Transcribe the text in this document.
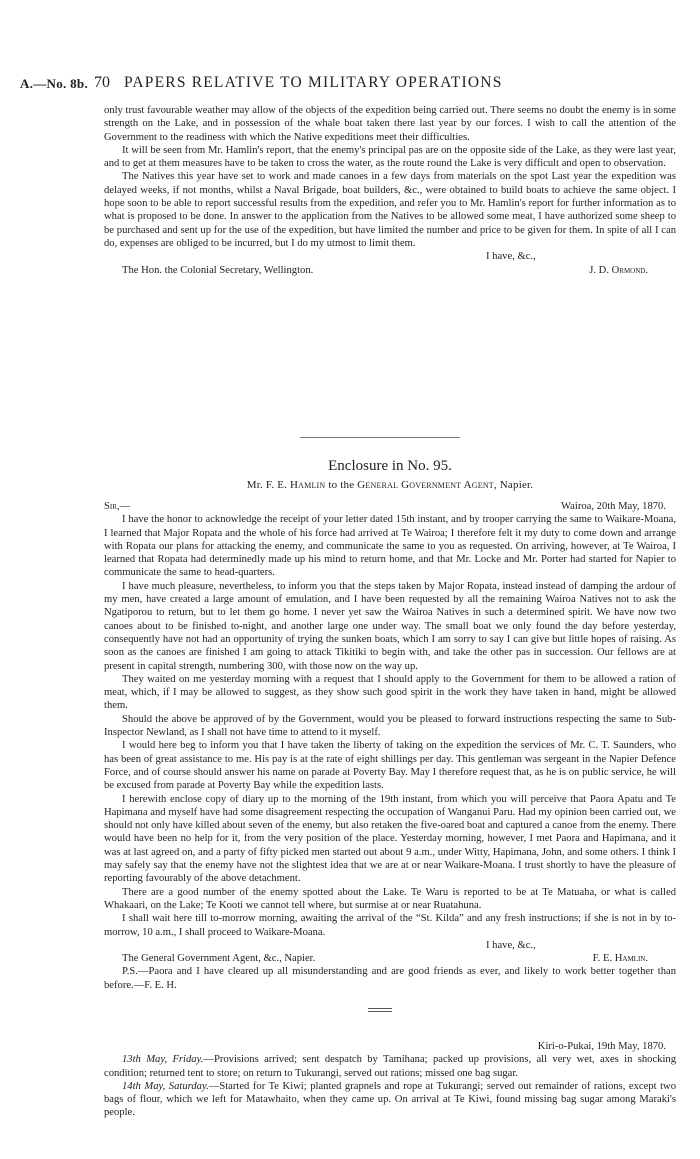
A.—No. 8b. 70 PAPERS RELATIVE TO MILITARY OPERATIONS

only trust favourable weather may allow of the objects of the expedition being carried out. There seems no doubt the enemy is in some strength on the Lake, and in possession of the whale boat taken there last year by our forces. I wish to call the attention of the Government to the readiness with which the Native expeditions meet their difficulties.

It will be seen from Mr. Hamlin's report, that the enemy's principal pas are on the opposite side of the Lake, as they were last year, and to get at them measures have to be taken to cross the water, as the route round the Lake is very difficult and open to observation.

The Natives this year have set to work and made canoes in a few days from materials on the spot Last year the expedition was delayed weeks, if not months, whilst a Naval Brigade, boat builders, &c., were obtained to build boats to achieve the same object. I hope soon to be able to report successful results from the expedition, and refer you to Mr. Hamlin's report for further information as to what is proposed to be done. In answer to the application from the Natives to be allowed some meat, I have authorized some sheep to be purchased and sent up for the use of the expedition, but have limited the number and price to be given for them. In spite of all I can do, expenses are obliged to be incurred, but I do my utmost to limit them.

I have, &c.,
The Hon. the Colonial Secretary, Wellington.	J. D. Ormond.
Enclosure in No. 95.
Mr. F. E. Hamlin to the General Government Agent, Napier.
Sir,—	Wairoa, 20th May, 1870.

I have the honor to acknowledge the receipt of your letter dated 15th instant, and by trooper carrying the same to Waikare-Moana, I learned that Major Ropata and the whole of his force had arrived at Te Wairoa; I therefore felt it my duty to come down and arrange with Ropata our plans for attacking the enemy, and communicate the same to you as requested. On arriving, however, at Te Wairoa, I learned that Ropata had determinedly made up his mind to return home, and that Mr. Locke and Mr. Porter had started for Napier to communicate the same to head-quarters.

I have much pleasure, nevertheless, to inform you that the steps taken by Major Ropata, instead instead of damping the ardour of my men, have created a large amount of emulation, and I have been requested by all the remaining Wairoa Natives not to ask the Ngatiporou to return, but to let them go home. I never yet saw the Wairoa Natives in such a determined spirit. We have now two canoes about to be finished to-night, and another large one under way. The small boat we only found the day before yesterday, consequently have not had an opportunity of trying the sunken boats, which I am sorry to say I can give but little hopes of raising. As soon as the canoes are finished I am going to attack Tikitiki to begin with, and take the other pas in succession. Our fellows are at present in capital strength, numbering 300, with those now on the way up.

They waited on me yesterday morning with a request that I should apply to the Government for them to be allowed a ration of meat, which, if I may be allowed to suggest, as they show such good spirit in the work they have taken in hand, might be allowed them.

Should the above be approved of by the Government, would you be pleased to forward instructions respecting the same to Sub-Inspector Newland, as I shall not have time to attend to it myself.

I would here beg to inform you that I have taken the liberty of taking on the expedition the services of Mr. C. T. Saunders, who has been of great assistance to me. His pay is at the rate of eight shillings per day. This gentleman was sergeant in the Napier Defence Force, and of course should answer his name on parade at Poverty Bay. May I therefore request that, as he is on public service, he will be excused from parade at Poverty Bay while the expedition lasts.

I herewith enclose copy of diary up to the morning of the 19th instant, from which you will perceive that Paora Apatu and Te Hapimana and myself have had some disagreement respecting the occupation of Wanganui Paru. Had my opinion been carried out, we should not only have killed about seven of the enemy, but also retaken the five-oared boat and captured a canoe from the enemy. There would have been no help for it, from the very position of the place. Yesterday morning, however, I met Paora and Hapimana, and it was at last agreed on, and a party of fifty picked men started out about 9 a.m., under Witty, Hapimana, John, and some others. I think I may safely say that the enemy have not the slightest idea that we are at or near Waikare-Moana. I trust shortly to have the pleasure of reporting favourably of the above detachment.

There are a good number of the enemy spotted about the Lake. Te Waru is reported to be at Te Matuaha, or what is called Whakaari, on the Lake; Te Kooti we cannot tell where, but surmise at or near Ruatahuna.

I shall wait here till to-morrow morning, awaiting the arrival of the “St. Kilda” and any fresh instructions; if she is not in by to-morrow, 10 a.m., I shall proceed to Waikare-Moana.

I have, &c.,
The General Government Agent, &c., Napier.	F. E. Hamlin.

P.S.—Paora and I have cleared up all misunderstanding and are good friends as ever, and likely to work better together than before.—F. E. H.

Kiri-o-Pukai, 19th May, 1870.

13th May, Friday.—Provisions arrived; sent despatch by Tamihana; packed up provisions, all very wet, axes in shocking condition; returned tent to store; on return to Tukurangi, served out rations; missed one bag sugar.

14th May, Saturday.—Started for Te Kiwi; planted grapnels and rope at Tukurangi; served out remainder of rations, except two bags of flour, which we left for Matawhaito, when they came up. On arrival at Te Kiwi, found missing bag sugar among Maraki's people.
